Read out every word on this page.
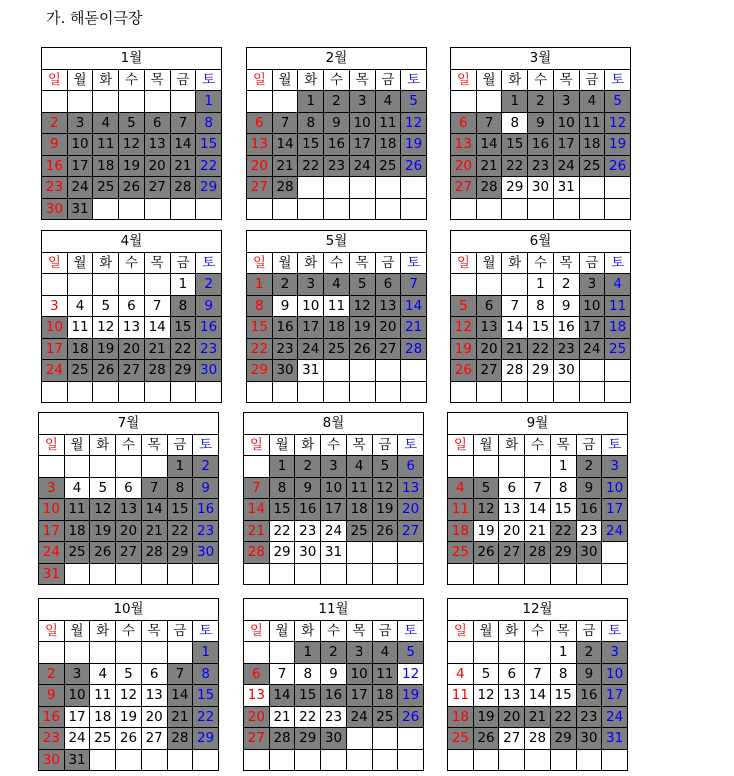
가. 해돋이극장
1월						
일	월	화	수	목	금	토
						1
2	3	4	5	6	7	8
9	10	11	12	13	14	15
16	17	18	19	20	21	22
23	24	25	26	27	28	29
30	31					
2월						
일	월	화	수	목	금	토
		1	2	3	4	5
6	7	8	9	10	11	12
13	14	15	16	17	18	19
20	21	22	23	24	25	26
27	28					

3월						
일	월	화	수	목	금	토
		1	2	3	4	5
6	7	8	9	10	11	12
13	14	15	16	17	18	19
20	21	22	23	24	25	26
27	28	29	30	31		

4월						
일	월	화	수	목	금	토
					1	2
3	4	5	6	7	8	9
10	11	12	13	14	15	16
17	18	19	20	21	22	23
24	25	26	27	28	29	30

5월						
일	월	화	수	목	금	토
1	2	3	4	5	6	7
8	9	10	11	12	13	14
15	16	17	18	19	20	21
22	23	24	25	26	27	28
29	30	31				

6월						
일	월	화	수	목	금	토
			1	2	3	4
5	6	7	8	9	10	11
12	13	14	15	16	17	18
19	20	21	22	23	24	25
26	27	28	29	30		

7월						
일	월	화	수	목	금	토
					1	2
3	4	5	6	7	8	9
10	11	12	13	14	15	16
17	18	19	20	21	22	23
24	25	26	27	28	29	30
31						
8월						
일	월	화	수	목	금	토
	1	2	3	4	5	6
7	8	9	10	11	12	13
14	15	16	17	18	19	20
21	22	23	24	25	26	27
28	29	30	31			

9월						
일	월	화	수	목	금	토
				1	2	3
4	5	6	7	8	9	10
11	12	13	14	15	16	17
18	19	20	21	22	23	24
25	26	27	28	29	30	

10월						
일	월	화	수	목	금	토
						1
2	3	4	5	6	7	8
9	10	11	12	13	14	15
16	17	18	19	20	21	22
23	24	25	26	27	28	29
30	31					
11월						
일	월	화	수	목	금	토
		1	2	3	4	5
6	7	8	9	10	11	12
13	14	15	16	17	18	19
20	21	22	23	24	25	26
27	28	29	30			

12월						
일	월	화	수	목	금	토
				1	2	3
4	5	6	7	8	9	10
11	12	13	14	15	16	17
18	19	20	21	22	23	24
25	26	27	28	29	30	31
